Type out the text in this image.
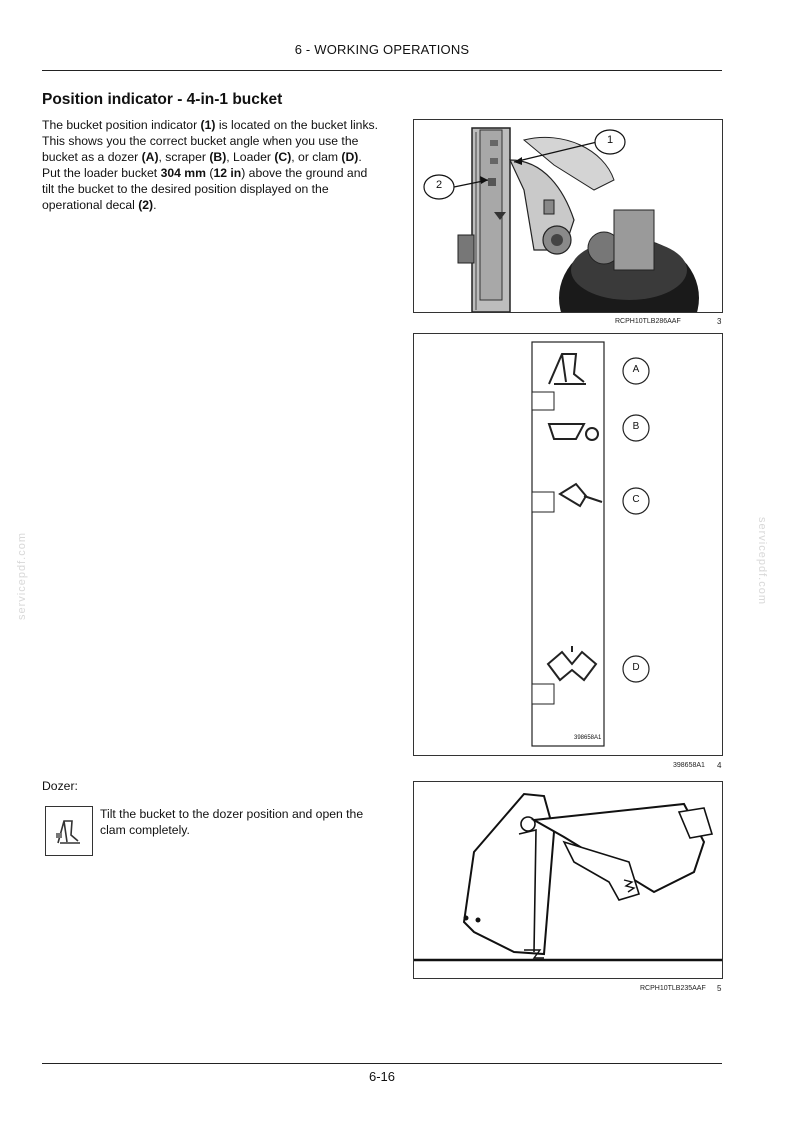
6 - WORKING OPERATIONS
Position indicator - 4-in-1 bucket
The bucket position indicator (1) is located on the bucket links. This shows you the correct bucket angle when you use the bucket as a dozer (A), scraper (B), Loader (C), or clam (D). Put the loader bucket 304 mm (12 in) above the ground and tilt the bucket to the desired position displayed on the operational decal (2).
1
2
RCPH10TLB286AAF	3
A
B
C
D
398658A1
398658A1 4
Dozer:
Tilt the bucket to the dozer position and open the clam completely.
RCPH10TLB235AAF 5
6-16
servicepdf.com	servicepdf.com
